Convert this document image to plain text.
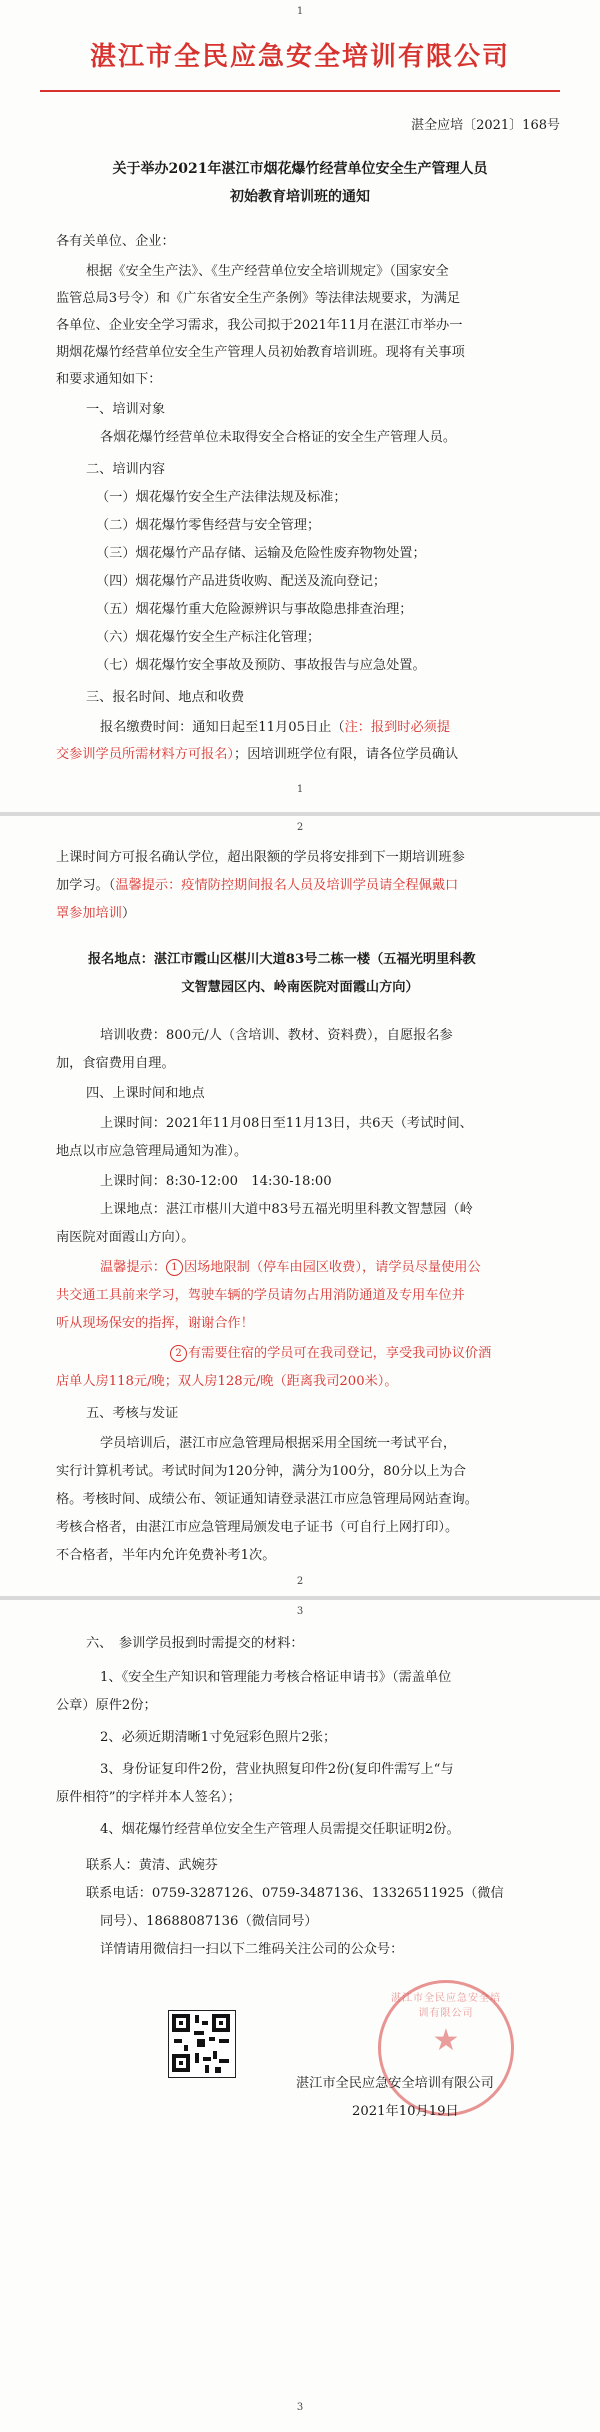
1
湛江市全民应急安全培训有限公司
湛全应培〔2021〕168号
关于举办2021年湛江市烟花爆竹经营单位安全生产管理人员
初始教育培训班的通知
各有关单位、企业：
根据《安全生产法》、《生产经营单位安全培训规定》（国家安全
监管总局3号令）和《广东省安全生产条例》等法律法规要求，为满足
各单位、企业安全学习需求，我公司拟于2021年11月在湛江市举办一
期烟花爆竹经营单位安全生产管理人员初始教育培训班。现将有关事项
和要求通知如下：
一、培训对象
各烟花爆竹经营单位未取得安全合格证的安全生产管理人员。
二、培训内容
（一）烟花爆竹安全生产法律法规及标准；
（二）烟花爆竹零售经营与安全管理；
（三）烟花爆竹产品存储、运输及危险性废弃物物处置；
（四）烟花爆竹产品进货收购、配送及流向登记；
（五）烟花爆竹重大危险源辨识与事故隐患排查治理；
（六）烟花爆竹安全生产标注化管理；
（七）烟花爆竹安全事故及预防、事故报告与应急处置。
三、报名时间、地点和收费
报名缴费时间：通知日起至11月05日止（注：报到时必须提
交参训学员所需材料方可报名）；因培训班学位有限，请各位学员确认
1
2
上课时间方可报名确认学位，超出限额的学员将安排到下一期培训班参
加学习。（温馨提示：疫情防控期间报名人员及培训学员请全程佩戴口
罩参加培训）
报名地点：湛江市霞山区椹川大道83号二栋一楼（五福光明里科教
文智慧园区内、岭南医院对面霞山方向）
培训收费：800元/人（含培训、教材、资料费），自愿报名参
加，食宿费用自理。
四、上课时间和地点
上课时间：2021年11月08日至11月13日，共6天（考试时间、
地点以市应急管理局通知为准）。
上课时间：8:30-12:00　14:30-18:00
上课地点：湛江市椹川大道中83号五福光明里科教文智慧园（岭
南医院对面霞山方向）。
温馨提示： 1 因场地限制（停车由园区收费），请学员尽量使用公
共交通工具前来学习，驾驶车辆的学员请勿占用消防通道及专用车位并
听从现场保安的指挥，谢谢合作！
2 有需要住宿的学员可在我司登记，享受我司协议价酒
店单人房118元/晚；双人房128元/晚（距离我司200米）。
五、考核与发证
学员培训后，湛江市应急管理局根据采用全国统一考试平台，
实行计算机考试。考试时间为120分钟，满分为100分，80分以上为合
格。考核时间、成绩公布、领证通知请登录湛江市应急管理局网站查询。
考核合格者，由湛江市应急管理局颁发电子证书（可自行上网打印）。
不合格者，半年内允许免费补考1次。
2
3
六、　参训学员报到时需提交的材料：
1、《安全生产知识和管理能力考核合格证申请书》（需盖单位
公章）原件2份；
2、必须近期清晰1寸免冠彩色照片2张；
3、身份证复印件2份，营业执照复印件2份(复印件需写上“与
原件相符”的字样并本人签名）；
4、烟花爆竹经营单位安全生产管理人员需提交任职证明2份。
联系人：黄清、武婉芬
联系电话：0759-3287126、0759-3487136、13326511925（微信
同号）、18688087136（微信同号）
详情请用微信扫一扫以下二维码关注公司的公众号：
湛江市全民应急安全培训有限公司
★
湛江市全民应急安全培训有限公司
2021年10月19日
3
